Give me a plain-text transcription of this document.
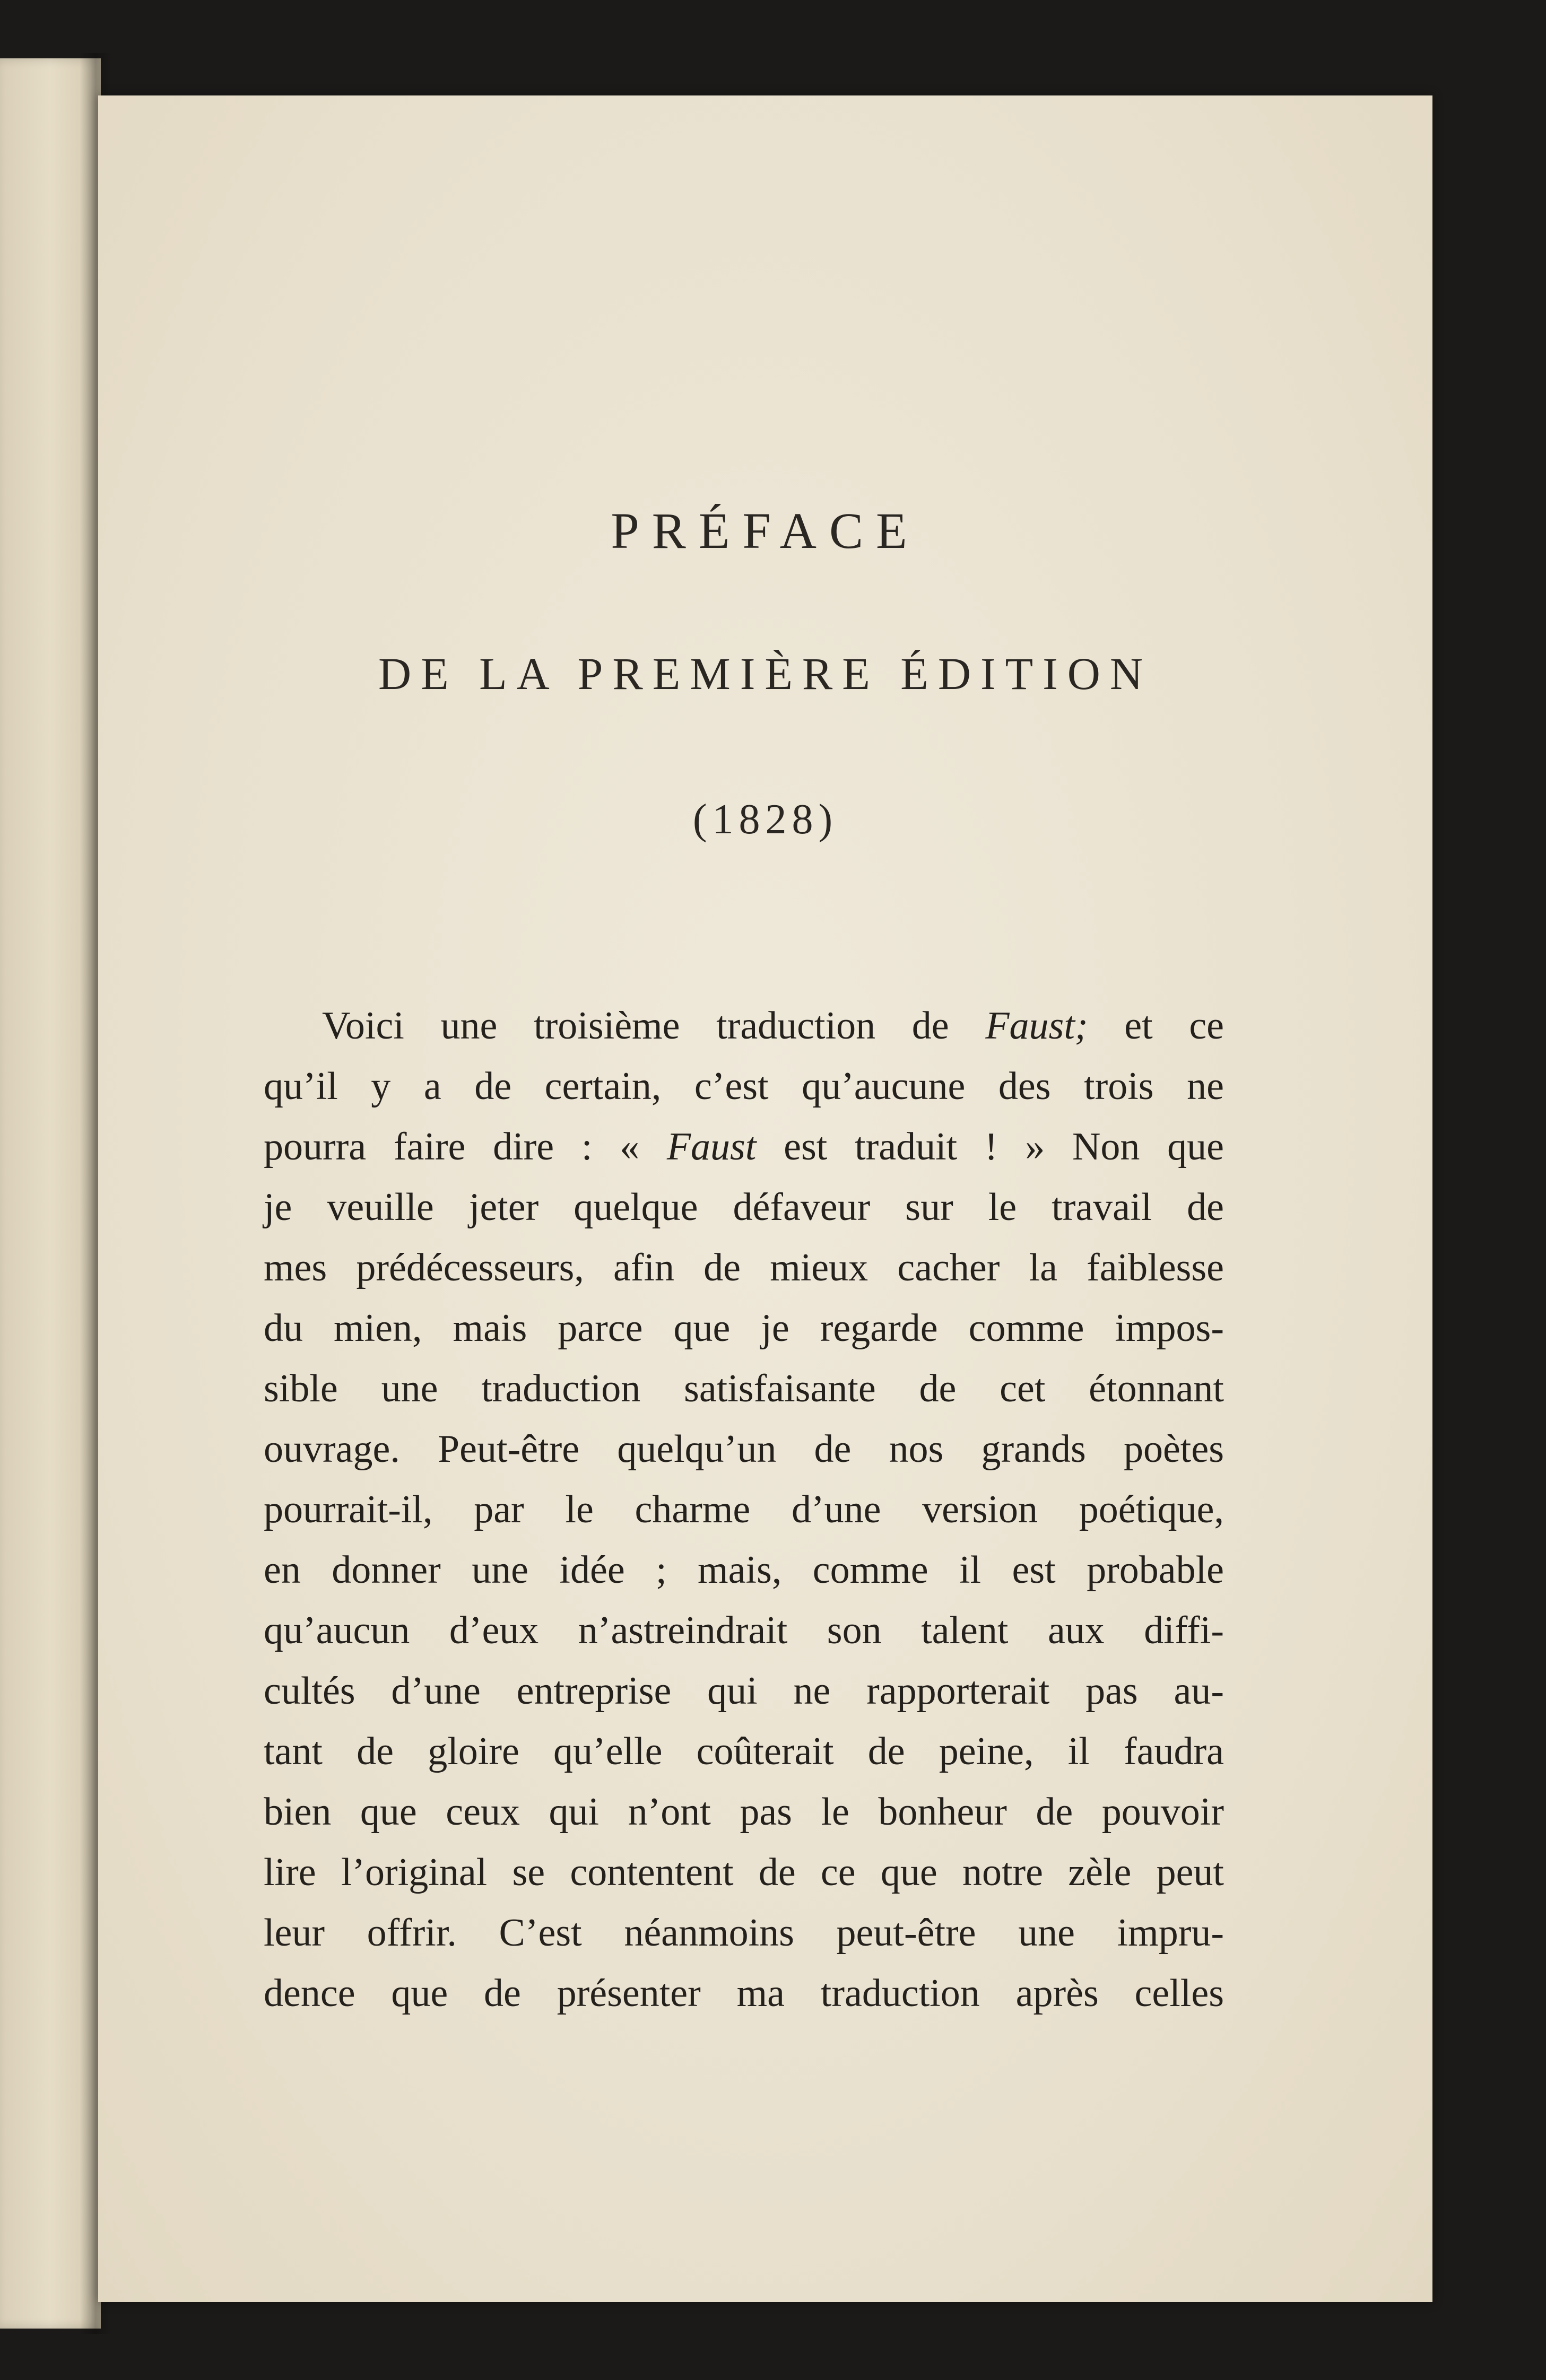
PRÉFACE
DE LA PREMIÈRE ÉDITION
(1828)
Voici une troisième traduction de Faust; et ce
qu’il y a de certain, c’est qu’aucune des trois ne
pourra faire dire : « Faust est traduit ! » Non que
je veuille jeter quelque défaveur sur le travail de
mes prédécesseurs, afin de mieux cacher la faiblesse
du mien, mais parce que je regarde comme impos-
sible une traduction satisfaisante de cet étonnant
ouvrage. Peut-être quelqu’un de nos grands poètes
pourrait-il, par le charme d’une version poétique,
en donner une idée ; mais, comme il est probable
qu’aucun d’eux n’astreindrait son talent aux diffi-
cultés d’une entreprise qui ne rapporterait pas au-
tant de gloire qu’elle coûterait de peine, il faudra
bien que ceux qui n’ont pas le bonheur de pouvoir
lire l’original se contentent de ce que notre zèle peut
leur offrir. C’est néanmoins peut-être une impru-
dence que de présenter ma traduction après celles
